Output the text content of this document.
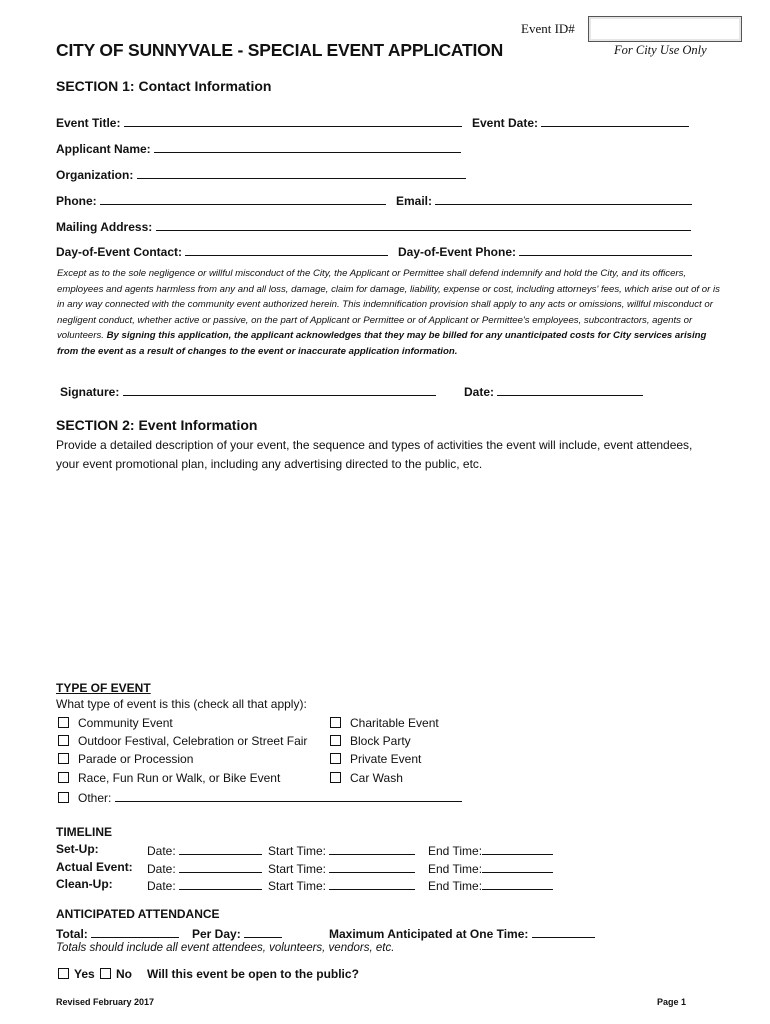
Event ID#
For City Use Only
CITY OF SUNNYVALE - SPECIAL EVENT APPLICATION
SECTION 1: Contact Information
Event Title:	Event Date:
Applicant Name:
Organization:
Phone:	Email:
Mailing Address:
Day-of-Event Contact:	Day-of-Event Phone:
Except as to the sole negligence or willful misconduct of the City, the Applicant or Permittee shall defend indemnify and hold the City, and its officers, employees and agents harmless from any and all loss, damage, claim for damage, liability, expense or cost, including attorneys' fees, which arise out of or is in any way connected with the community event authorized herein. This indemnification provision shall apply to any acts or omissions, willful misconduct or negligent conduct, whether active or passive, on the part of Applicant or Permittee or of Applicant or Permittee's employees, subcontractors, agents or volunteers. By signing this application, the applicant acknowledges that they may be billed for any unanticipated costs for City services arising from the event as a result of changes to the event or inaccurate application information.
Signature:	Date:
SECTION 2: Event Information
Provide a detailed description of your event, the sequence and types of activities the event will include, event attendees, your event promotional plan, including any advertising directed to the public, etc.
TYPE OF EVENT
What type of event is this (check all that apply):
Community Event
Outdoor Festival, Celebration or Street Fair
Parade or Procession
Race, Fun Run or Walk, or Bike Event
Other:
Charitable Event
Block Party
Private Event
Car Wash
TIMELINE
Set-Up:	Date:	Start Time:	End Time:
Actual Event: Date:	Start Time:	End Time:
Clean-Up:	Date:	Start Time:	End Time:
ANTICIPATED ATTENDANCE
Total:	Per Day:	Maximum Anticipated at One Time:
Totals should include all event attendees, volunteers, vendors, etc.
Yes	No Will this event be open to the public?
Revised February 2017	Page 1
